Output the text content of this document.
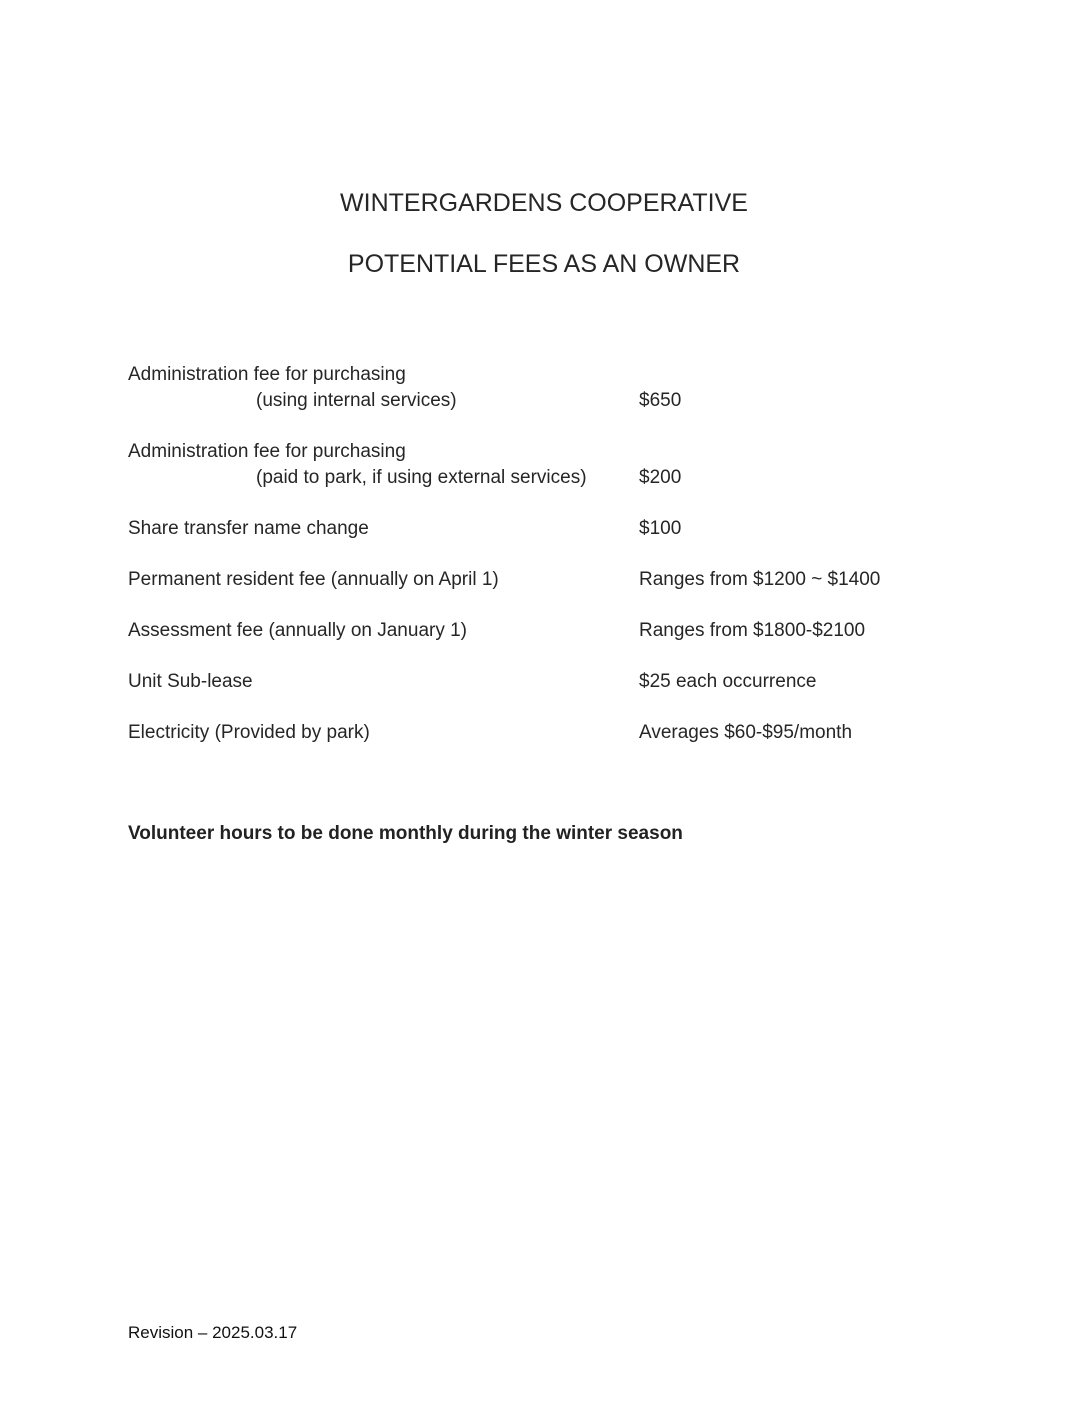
WINTERGARDENS COOPERATIVE
POTENTIAL FEES AS AN OWNER
Administration fee for purchasing
(using internal services)	$650
Administration fee for purchasing
(paid to park, if using external services)	$200
Share transfer name change	$100
Permanent resident fee (annually on April 1)	Ranges from $1200 ~ $1400
Assessment fee (annually on January 1)	Ranges from $1800-$2100
Unit Sub-lease	$25 each occurrence
Electricity (Provided by park)	Averages $60-$95/month
Volunteer hours to be done monthly during the winter season
Revision – 2025.03.17
